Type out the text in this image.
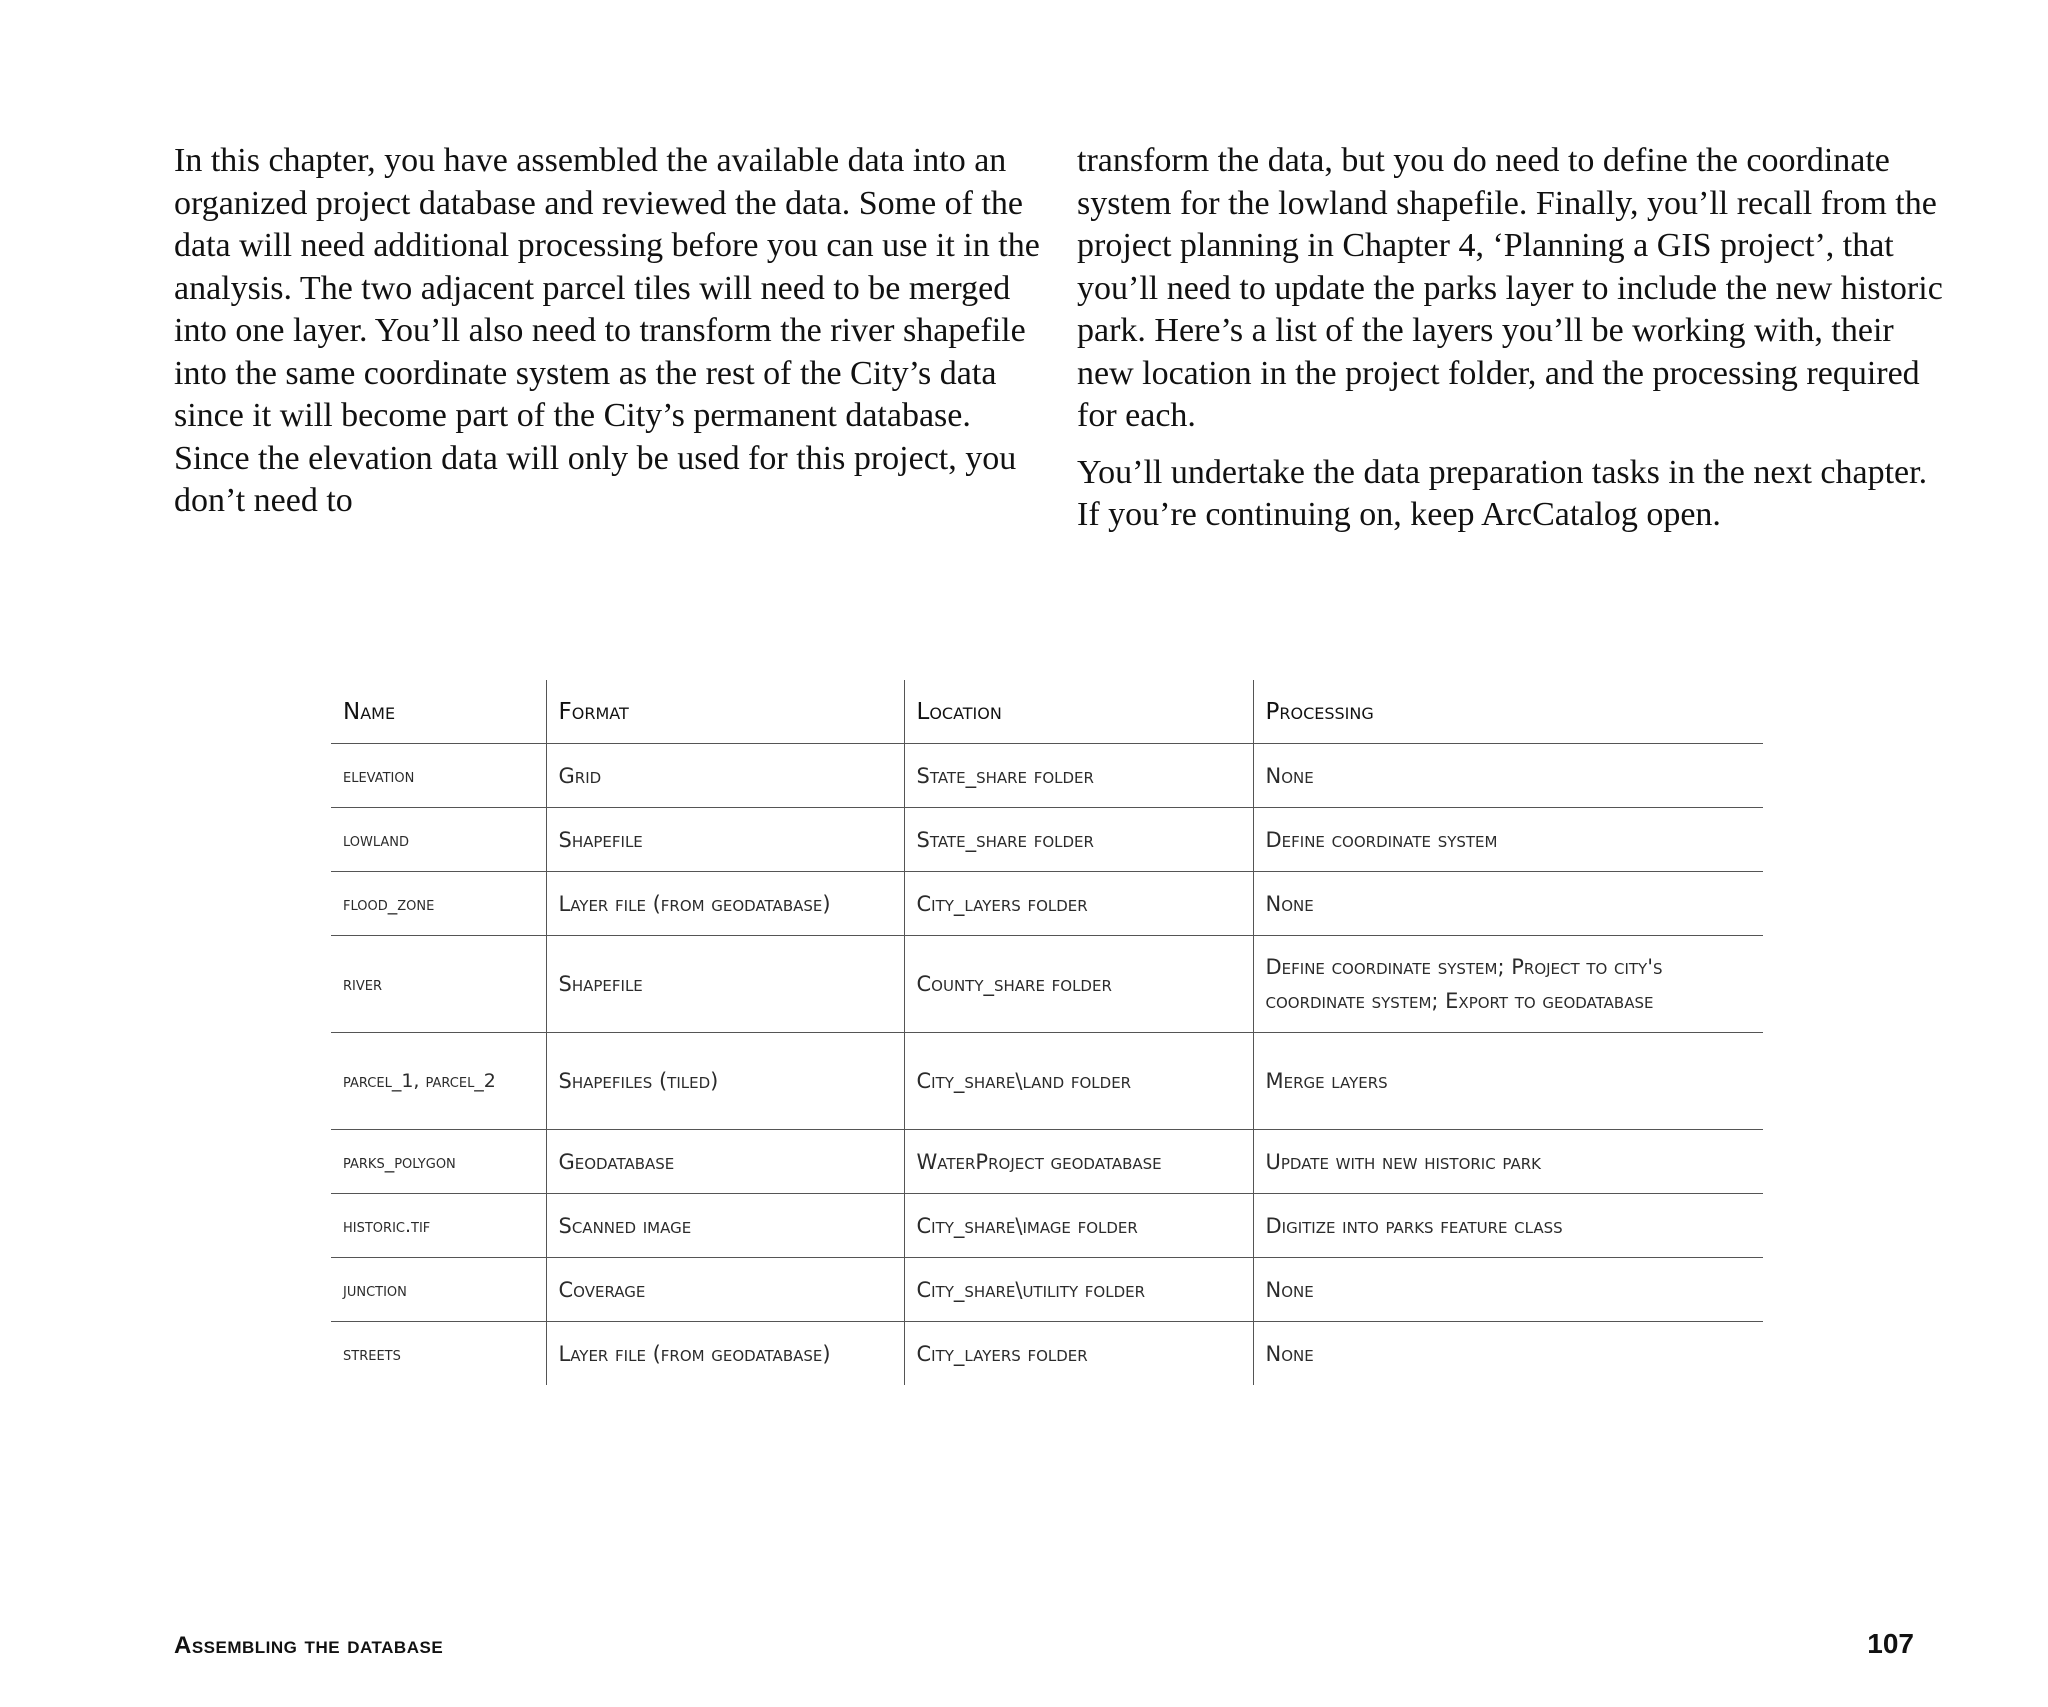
In this chapter, you have assembled the available data into an organized project database and reviewed the data. Some of the data will need additional processing before you can use it in the analysis. The two adjacent parcel tiles will need to be merged into one layer. You’ll also need to transform the river shapefile into the same coordinate system as the rest of the City’s data since it will become part of the City’s permanent database. Since the elevation data will only be used for this project, you don’t need to

transform the data, but you do need to define the coordinate system for the lowland shapefile. Finally, you’ll recall from the project planning in Chapter 4, ‘Planning a GIS project’, that you’ll need to update the parks layer to include the new historic park. Here’s a list of the layers you’ll be working with, their new location in the project folder, and the processing required for each.

You’ll undertake the data preparation tasks in the next chapter. If you’re continuing on, keep ArcCatalog open.

Name	Format	Location	Processing
elevation	Grid	State_share folder	None
lowland	Shapefile	State_share folder	Define coordinate system
flood_zone	Layer file (from geodatabase)	City_layers folder	None
river	Shapefile	County_share folder	Define coordinate system; Project to city's coordinate system; Export to geodatabase
parcel_1, parcel_2	Shapefiles (tiled)	City_share\land folder	Merge layers
parks_polygon	Geodatabase	WaterProject geodatabase	Update with new historic park
historic.tif	Scanned image	City_share\image folder	Digitize into parks feature class
junction	Coverage	City_share\utility folder	None
streets	Layer file (from geodatabase)	City_layers folder	None
Assembling the database	107
